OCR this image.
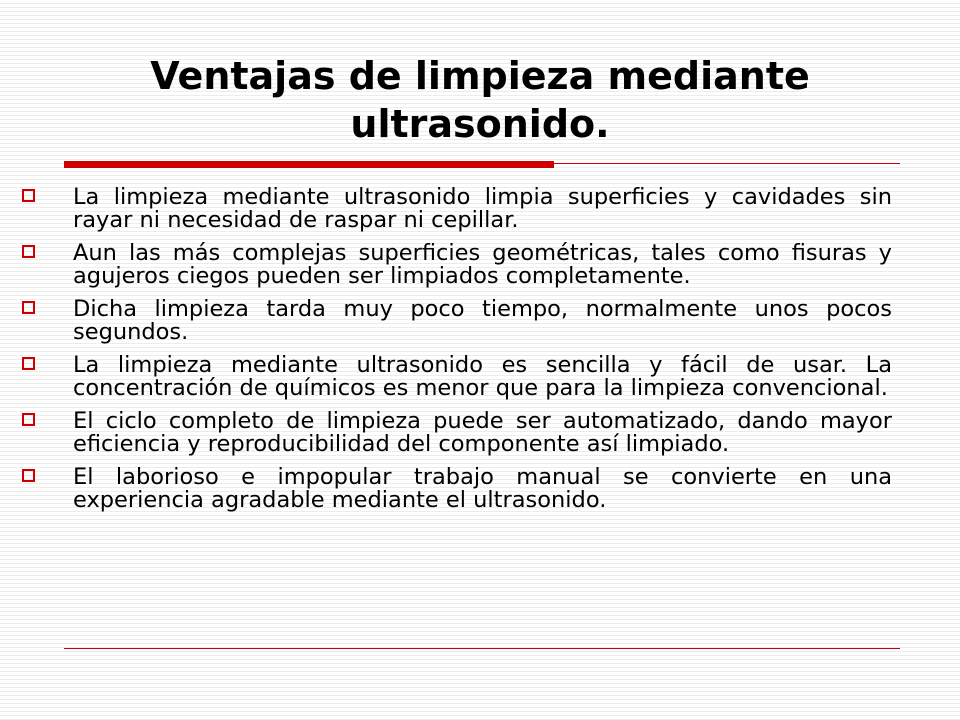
Ventajas de limpieza mediante ultrasonido.
La limpieza mediante ultrasonido limpia superficies y cavidades sin rayar ni necesidad de raspar ni cepillar.
Aun las más complejas superficies geométricas, tales como fisuras y agujeros ciegos pueden ser limpiados completamente.
Dicha limpieza tarda muy poco tiempo, normalmente unos pocos segundos.
La limpieza mediante ultrasonido es sencilla y fácil de usar. La concentración de químicos es menor que para la limpieza convencional.
El ciclo completo de limpieza puede ser automatizado, dando mayor eficiencia y reproducibilidad del componente así limpiado.
El laborioso e impopular trabajo manual se convierte en una experiencia agradable mediante el ultrasonido.
